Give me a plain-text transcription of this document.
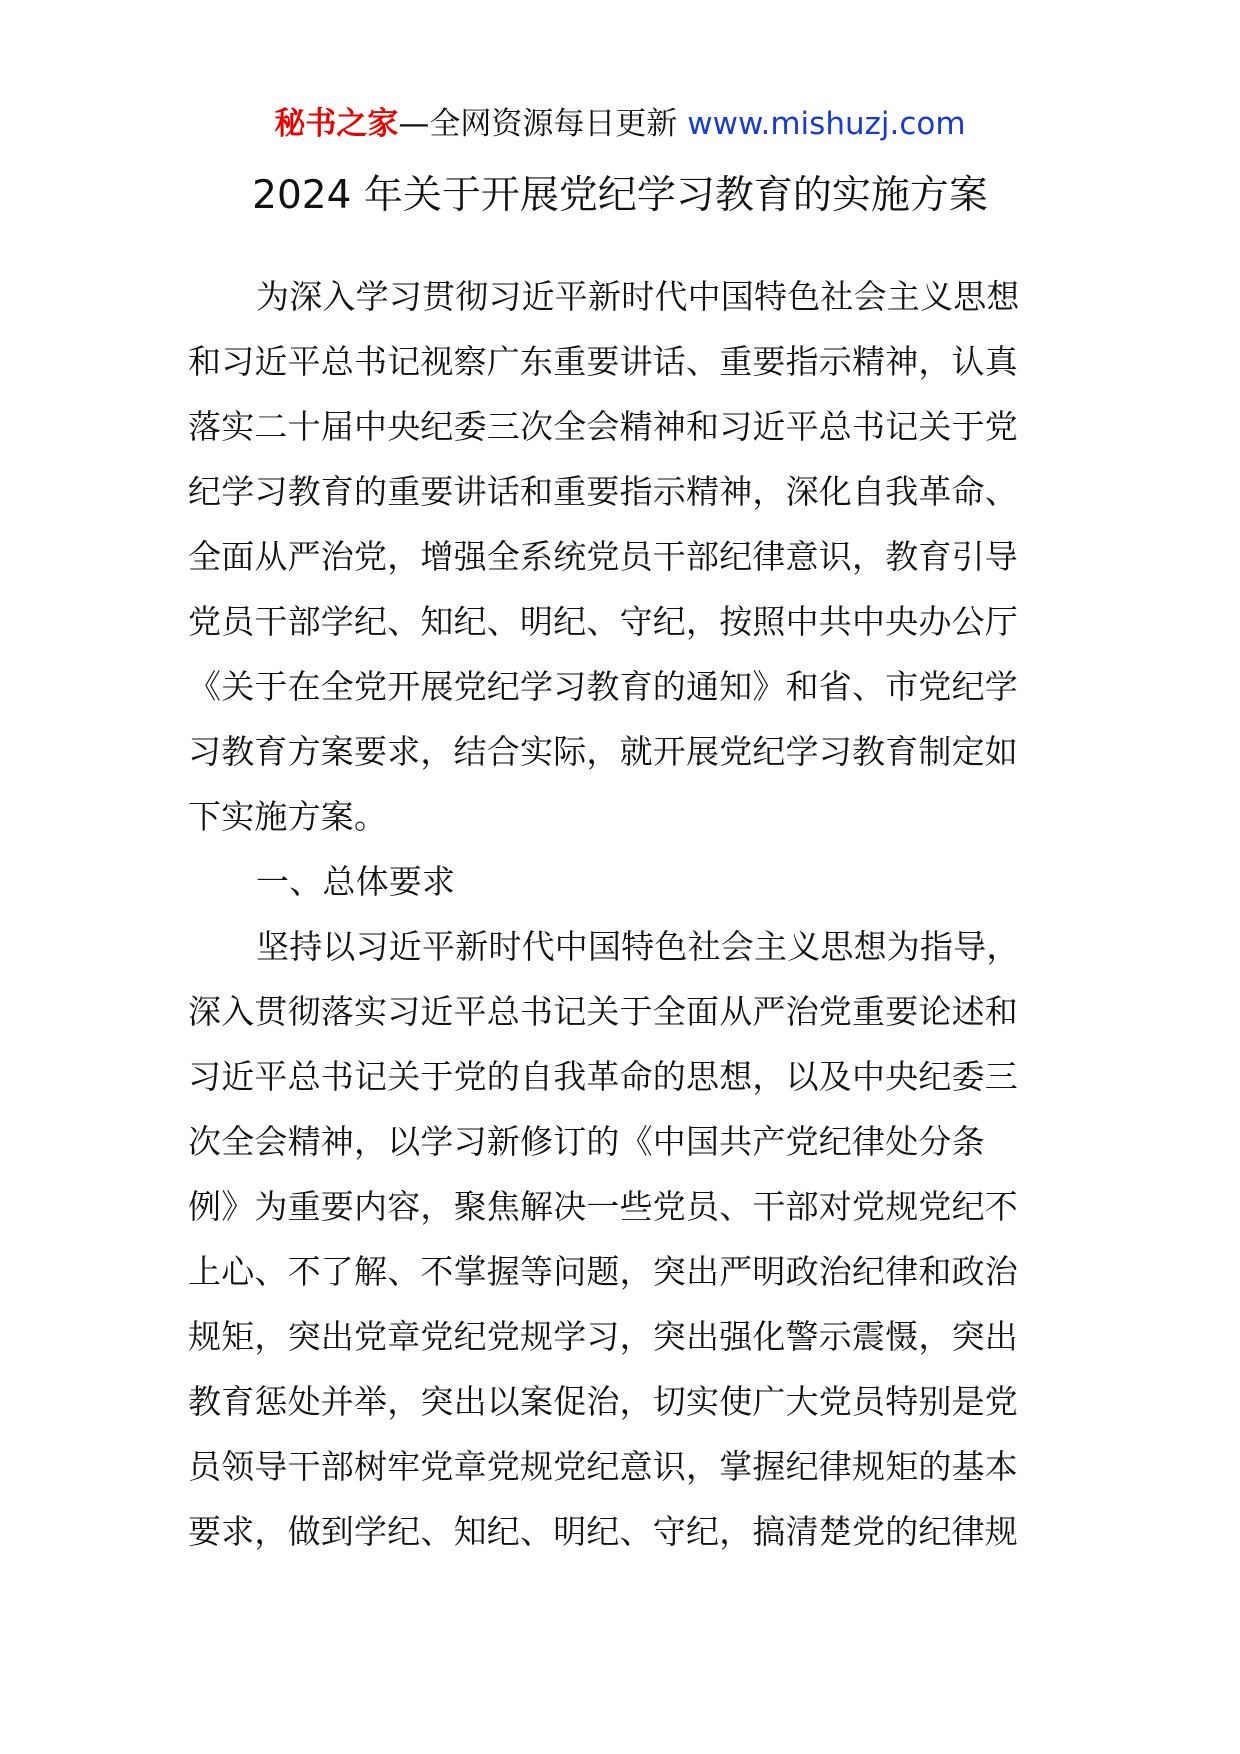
秘书之家—全网资源每日更新 www.mishuzj.com
2024 年关于开展党纪学习教育的实施方案
为深入学习贯彻习近平新时代中国特色社会主义思想
和习近平总书记视察广东重要讲话、重要指示精神，认真
落实二十届中央纪委三次全会精神和习近平总书记关于党
纪学习教育的重要讲话和重要指示精神，深化自我革命、
全面从严治党，增强全系统党员干部纪律意识，教育引导
党员干部学纪、知纪、明纪、守纪，按照中共中央办公厅
《关于在全党开展党纪学习教育的通知》和省、市党纪学
习教育方案要求，结合实际，就开展党纪学习教育制定如
下实施方案。
一、总体要求
坚持以习近平新时代中国特色社会主义思想为指导，
深入贯彻落实习近平总书记关于全面从严治党重要论述和
习近平总书记关于党的自我革命的思想，以及中央纪委三
次全会精神，以学习新修订的《中国共产党纪律处分条
例》为重要内容，聚焦解决一些党员、干部对党规党纪不
上心、不了解、不掌握等问题，突出严明政治纪律和政治
规矩，突出党章党纪党规学习，突出强化警示震慑，突出
教育惩处并举，突出以案促治，切实使广大党员特别是党
员领导干部树牢党章党规党纪意识，掌握纪律规矩的基本
要求，做到学纪、知纪、明纪、守纪，搞清楚党的纪律规
